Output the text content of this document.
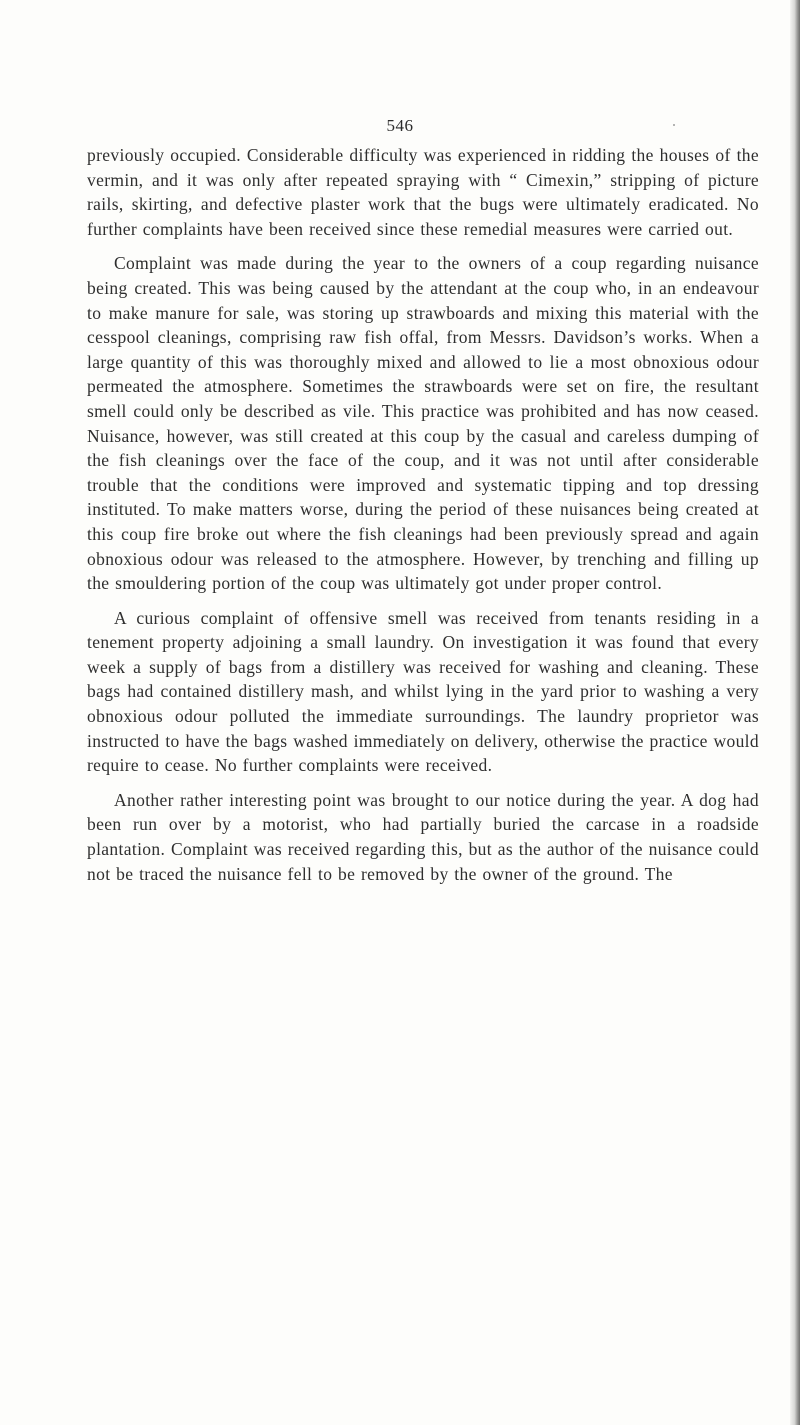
546

previously occupied. Considerable difficulty was experienced in ridding the houses of the vermin, and it was only after repeated spraying with “ Cimexin,” stripping of picture rails, skirting, and defective plaster work that the bugs were ultimately eradicated. No further complaints have been received since these remedial measures were carried out.

Complaint was made during the year to the owners of a coup regarding nuisance being created. This was being caused by the attendant at the coup who, in an endeavour to make manure for sale, was storing up strawboards and mixing this material with the cesspool cleanings, comprising raw fish offal, from Messrs. Davidson’s works. When a large quantity of this was thoroughly mixed and allowed to lie a most obnoxious odour permeated the atmosphere. Sometimes the strawboards were set on fire, the resultant smell could only be described as vile. This practice was prohibited and has now ceased. Nuisance, however, was still created at this coup by the casual and careless dumping of the fish cleanings over the face of the coup, and it was not until after considerable trouble that the conditions were improved and systematic tipping and top dressing instituted. To make matters worse, during the period of these nuisances being created at this coup fire broke out where the fish cleanings had been previously spread and again obnoxious odour was released to the atmosphere. However, by trenching and filling up the smouldering portion of the coup was ultimately got under proper control.

A curious complaint of offensive smell was received from tenants residing in a tenement property adjoining a small laundry. On investigation it was found that every week a supply of bags from a distillery was received for washing and cleaning. These bags had contained distillery mash, and whilst lying in the yard prior to washing a very obnoxious odour polluted the immediate surroundings. The laundry proprietor was instructed to have the bags washed immediately on delivery, otherwise the practice would require to cease. No further complaints were received.

Another rather interesting point was brought to our notice during the year. A dog had been run over by a motorist, who had partially buried the carcase in a roadside plantation. Complaint was received regarding this, but as the author of the nuisance could not be traced the nuisance fell to be removed by the owner of the ground. The
